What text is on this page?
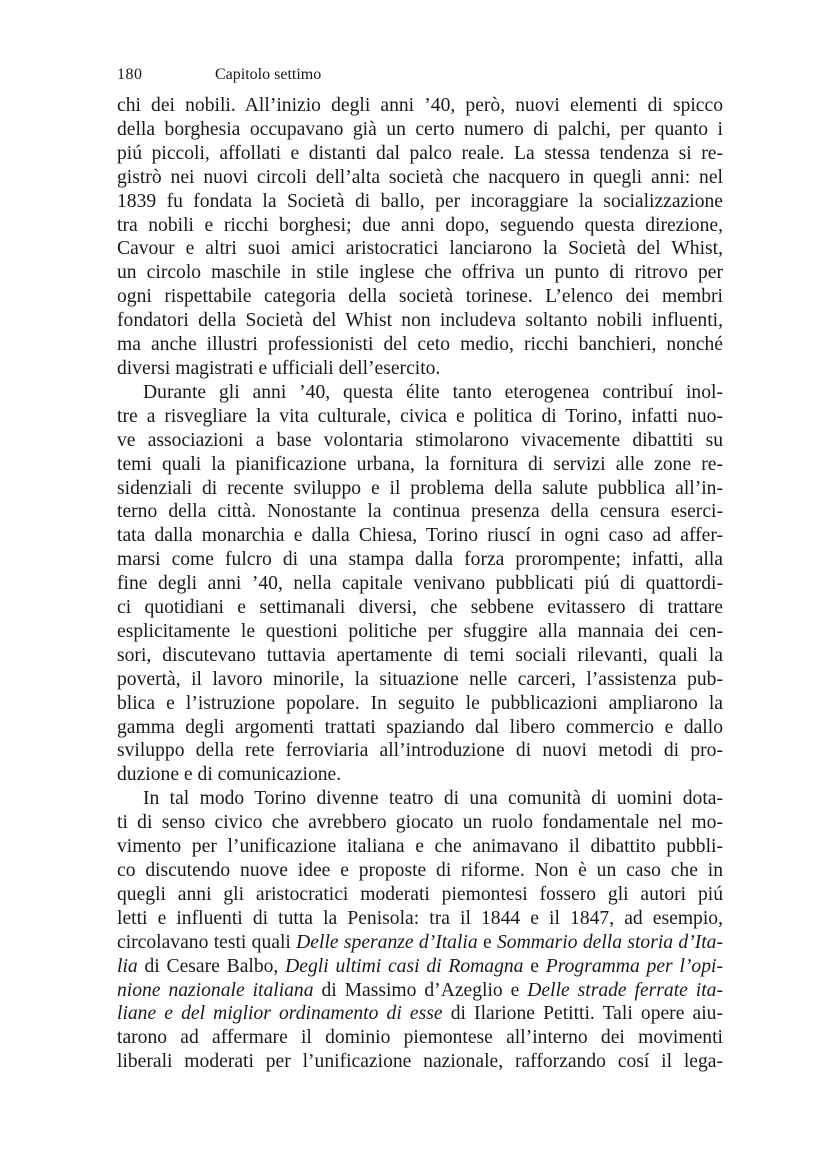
180	Capitolo settimo
chi dei nobili. All’inizio degli anni ’40, però, nuovi elementi di spicco
della borghesia occupavano già un certo numero di palchi, per quanto i
piú piccoli, affollati e distanti dal palco reale. La stessa tendenza si re-
gistrò nei nuovi circoli dell’alta società che nacquero in quegli anni: nel
1839 fu fondata la Società di ballo, per incoraggiare la socializzazione
tra nobili e ricchi borghesi; due anni dopo, seguendo questa direzione,
Cavour e altri suoi amici aristocratici lanciarono la Società del Whist,
un circolo maschile in stile inglese che offriva un punto di ritrovo per
ogni rispettabile categoria della società torinese. L’elenco dei membri
fondatori della Società del Whist non includeva soltanto nobili influenti,
ma anche illustri professionisti del ceto medio, ricchi banchieri, nonché
diversi magistrati e ufficiali dell’esercito.
Durante gli anni ’40, questa élite tanto eterogenea contribuí inol-
tre a risvegliare la vita culturale, civica e politica di Torino, infatti nuo-
ve associazioni a base volontaria stimolarono vivacemente dibattiti su
temi quali la pianificazione urbana, la fornitura di servizi alle zone re-
sidenziali di recente sviluppo e il problema della salute pubblica all’in-
terno della città. Nonostante la continua presenza della censura eserci-
tata dalla monarchia e dalla Chiesa, Torino riuscí in ogni caso ad affer-
marsi come fulcro di una stampa dalla forza prorompente; infatti, alla
fine degli anni ’40, nella capitale venivano pubblicati piú di quattordi-
ci quotidiani e settimanali diversi, che sebbene evitassero di trattare
esplicitamente le questioni politiche per sfuggire alla mannaia dei cen-
sori, discutevano tuttavia apertamente di temi sociali rilevanti, quali la
povertà, il lavoro minorile, la situazione nelle carceri, l’assistenza pub-
blica e l’istruzione popolare. In seguito le pubblicazioni ampliarono la
gamma degli argomenti trattati spaziando dal libero commercio e dallo
sviluppo della rete ferroviaria all’introduzione di nuovi metodi di pro-
duzione e di comunicazione.
In tal modo Torino divenne teatro di una comunità di uomini dota-
ti di senso civico che avrebbero giocato un ruolo fondamentale nel mo-
vimento per l’unificazione italiana e che animavano il dibattito pubbli-
co discutendo nuove idee e proposte di riforme. Non è un caso che in
quegli anni gli aristocratici moderati piemontesi fossero gli autori piú
letti e influenti di tutta la Penisola: tra il 1844 e il 1847, ad esempio,
circolavano testi quali Delle speranze d’Italia e Sommario della storia d’Ita-
lia di Cesare Balbo, Degli ultimi casi di Romagna e Programma per l’opi-
nione nazionale italiana di Massimo d’Azeglio e Delle strade ferrate ita-
liane e del miglior ordinamento di esse di Ilarione Petitti. Tali opere aiu-
tarono ad affermare il dominio piemontese all’interno dei movimenti
liberali moderati per l’unificazione nazionale, rafforzando cosí il lega-
